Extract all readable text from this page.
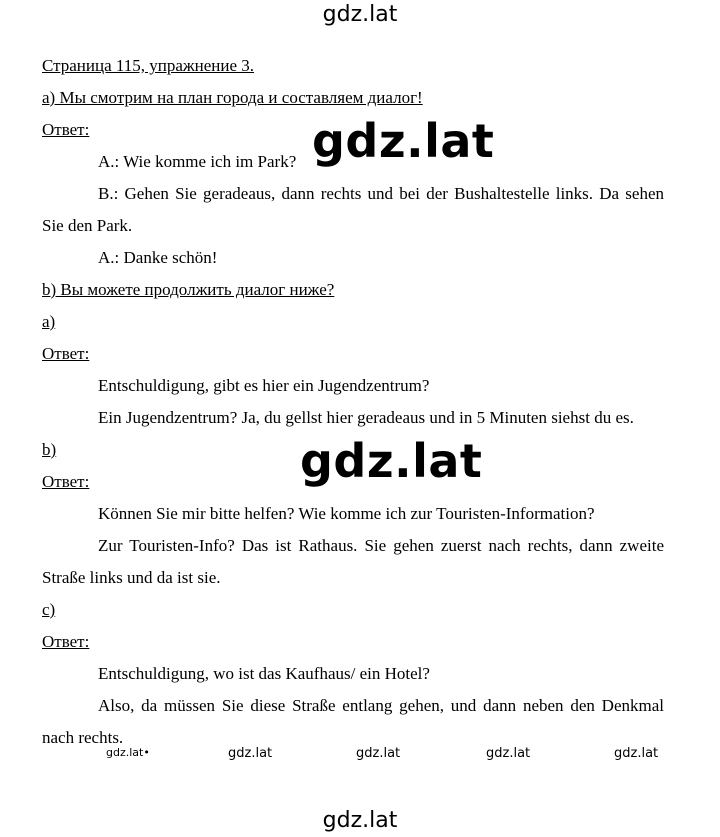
gdz.lat
Страница 115, упражнение 3.
a) Мы смотрим на план города и составляем диалог!
Ответ:
A.: Wie komme ich im Park?
B.: Gehen Sie geradeaus, dann rechts und bei der Bushaltestelle links. Da sehen Sie den Park.
A.: Danke schön!
b) Вы можете продолжить диалог ниже?
a)
Ответ:
Entschuldigung, gibt es hier ein Jugendzentrum?
Ein Jugendzentrum? Ja, du gellst hier geradeaus und in 5 Minuten siehst du es.
b)
Ответ:
Können Sie mir bitte helfen? Wie komme ich zur Touristen-Information?
Zur Touristen-Info? Das ist Rathaus. Sie gehen zuerst nach rechts, dann zweite Straße links und da ist sie.
c)
Ответ:
Entschuldigung, wo ist das Kaufhaus/ ein Hotel?
Also, da müssen Sie diese Straße entlang gehen, und dann neben den Denkmal nach rechts.
gdz.lat
gdz.lat
gdz.lat•	gdz.lat	gdz.lat	gdz.lat	gdz.lat
gdz.lat
